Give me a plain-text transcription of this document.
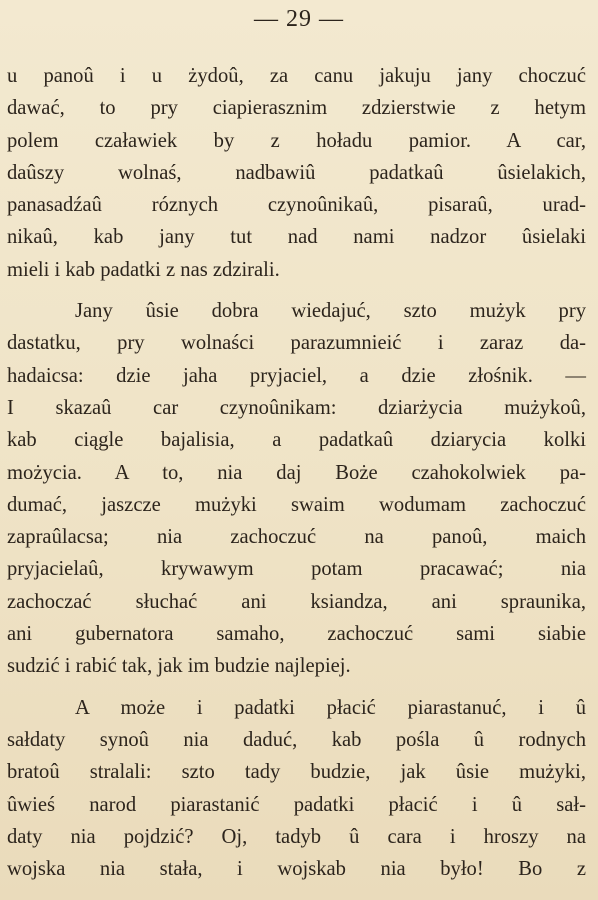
— 29 —
u panoû i u żydoû, za canu jakuju jany choczuć
dawać, to pry ciapierasznim zdzierstwie z hetym
polem czaławiek by z hoładu pamior. A car,
daûszy wolnaś, nadbawiû padatkaû ûsielakich,
panasadźaû róznych czynoûnikaû, pisaraû, urad-
nikaû, kab jany tut nad nami nadzor ûsielaki
mieli i kab padatki z nas zdzirali.
Jany ûsie dobra wiedajuć, szto mużyk pry
dastatku, pry wolnaści parazumnieić i zaraz da-
hadaicsa: dzie jaha pryjaciel, a dzie złośnik. —
I skazaû car czynoûnikam: dziarżycia mużykoû,
kab ciągle bajalisia, a padatkaû dziarycia kolki
możycia. A to, nia daj Boże czahokolwiek pa-
dumać, jaszcze mużyki swaim wodumam zachoczuć
zapraûlacsa; nia zachoczuć na panoû, maich
pryjacielaû, krywawym potam pracawać; nia
zachoczać słuchać ani ksiandza, ani spraunika,
ani gubernatora samaho, zachoczuć sami siabie
sudzić i rabić tak, jak im budzie najlepiej.
A może i padatki płacić piarastanuć, i û
sałdaty synoû nia daduć, kab pośla û rodnych
bratoû stralali: szto tady budzie, jak ûsie mużyki,
ûwieś narod piarastanić padatki płacić i û sał-
daty nia pojdzić? Oj, tadyb û cara i hroszy na
wojska nia stała, i wojskab nia było! Bo z
